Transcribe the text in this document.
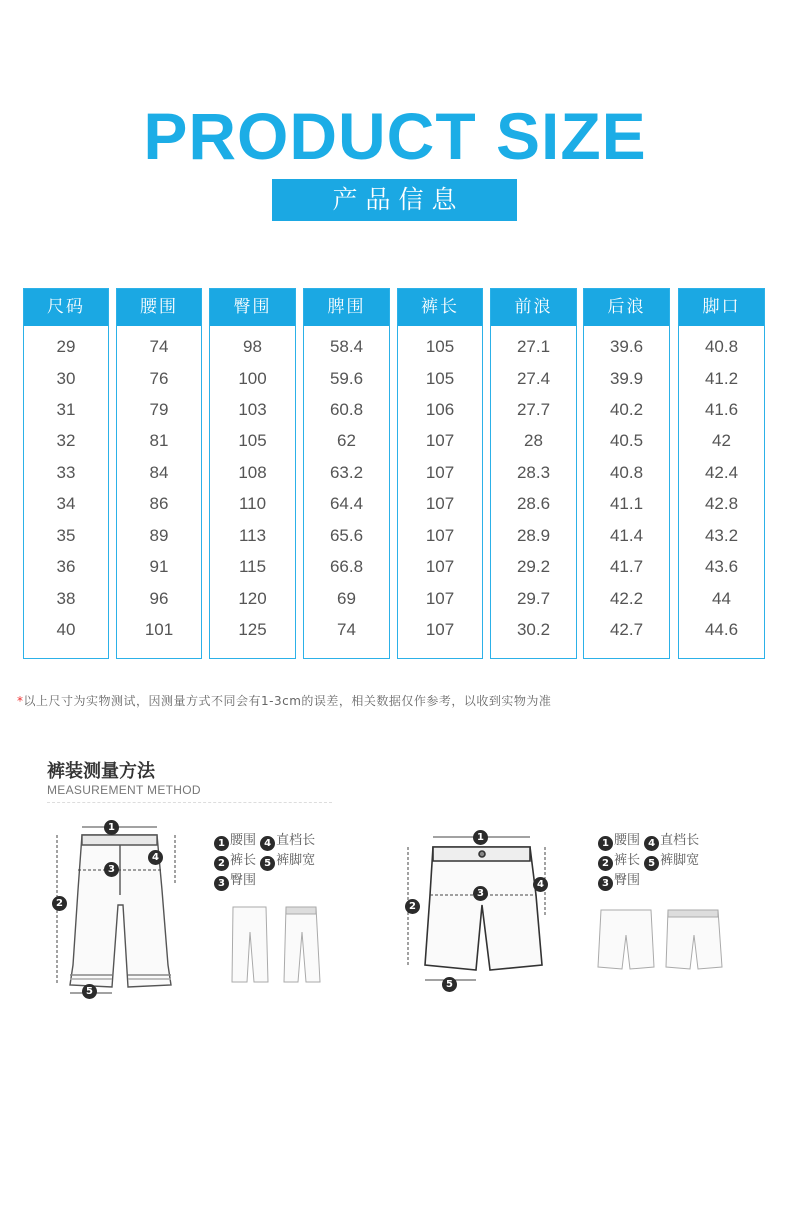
PRODUCT SIZE
产品信息
尺码
29
30
31
32
33
34
35
36
38
40
腰围
74
76
79
81
84
86
89
91
96
101
臀围
98
100
103
105
108
110
113
115
120
125
脾围
58.4
59.6
60.8
62
63.2
64.4
65.6
66.8
69
74
裤长
105
105
106
107
107
107
107
107
107
107
前浪
27.1
27.4
27.7
28
28.3
28.6
28.9
29.2
29.7
30.2
后浪
39.6
39.9
40.2
40.5
40.8
41.1
41.4
41.7
42.2
42.7
脚口
40.8
41.2
41.6
42
42.4
42.8
43.2
43.6
44
44.6
*以上尺寸为实物测试，因测量方式不同会有1-3cm的误差，相关数据仅作参考，以收到实物为准
裤装测量方法
MEASUREMENT METHOD
1
4
3
2
5
1 腰围 4 直档长
2 裤长 5 裤脚宽
3 臀围
1
4
3
2
5
1 腰围 4 直档长
2 裤长 5 裤脚宽
3 臀围
